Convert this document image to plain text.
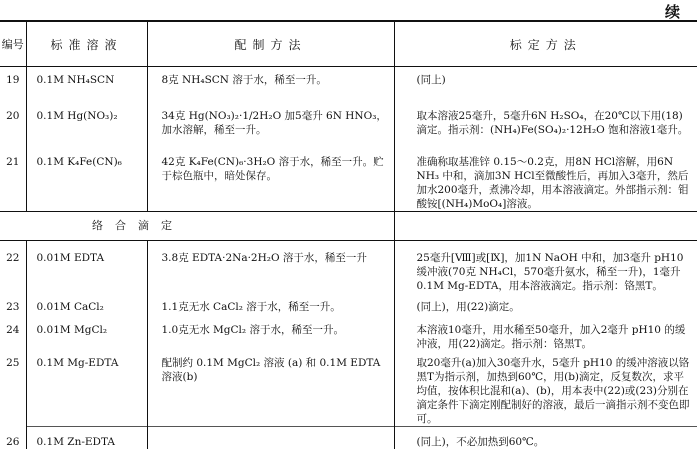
续
编号	标准溶液	配制方法	标定方法
19	0.1M NH₄SCN	8克 NH₄SCN 溶于水，稀至一升。	(同上)
20	0.1M Hg(NO₃)₂	34克 Hg(NO₃)₂·1/2H₂O 加5毫升 6N HNO₃，加水溶解，稀至一升。	取本溶液25毫升，5毫升6N H₂SO₄，在20℃以下用(18)滴定。指示剂：(NH₄)Fe(SO₄)₂·12H₂O 饱和溶液1毫升。
21	0.1M K₄Fe(CN)₆	42克 K₄Fe(CN)₆·3H₂O 溶于水，稀至一升。贮于棕色瓶中，暗处保存。	准确称取基准锌 0.15～0.2克，用8N HCl溶解，用6N NH₃ 中和，滴加3N HCl至微酸性后，再加入3毫升，然后加水200毫升，煮沸冷却，用本溶液滴定。外部指示剂：钼酸铵[(NH₄)MoO₄]溶液。
络合滴定			
22	0.01M EDTA	3.8克 EDTA·2Na·2H₂O 溶于水，稀至一升	25毫升[Ⅷ]或[Ⅸ]，加1N NaOH 中和，加3毫升 pH10缓冲液(70克 NH₄Cl，570毫升氨水，稀至一升)，1毫升 0.1M Mg-EDTA，用本溶液滴定。指示剂：铬黑T。
23	0.01M CaCl₂	1.1克无水 CaCl₂ 溶于水，稀至一升。	(同上)，用(22)滴定。
24	0.01M MgCl₂	1.0克无水 MgCl₂ 溶于水，稀至一升。	本溶液10毫升，用水稀至50毫升，加入2毫升 pH10 的缓冲液，用(22)滴定。指示剂：铬黑T。
25	0.1M Mg-EDTA	配制约 0.1M MgCl₂ 溶液 (a) 和 0.1M EDTA 溶液(b)	取20毫升(a)加入30毫升水，5毫升 pH10 的缓冲溶液以铬黑T为指示剂，加热到60℃，用(b)滴定，反复数次，求平均值，按体积比混和(a)、(b)，用本表中(22)或(23)分别在滴定条件下滴定刚配制好的溶液，最后一滴指示剂不变色即可。
26	0.1M Zn-EDTA		(同上)，不必加热到60℃。
